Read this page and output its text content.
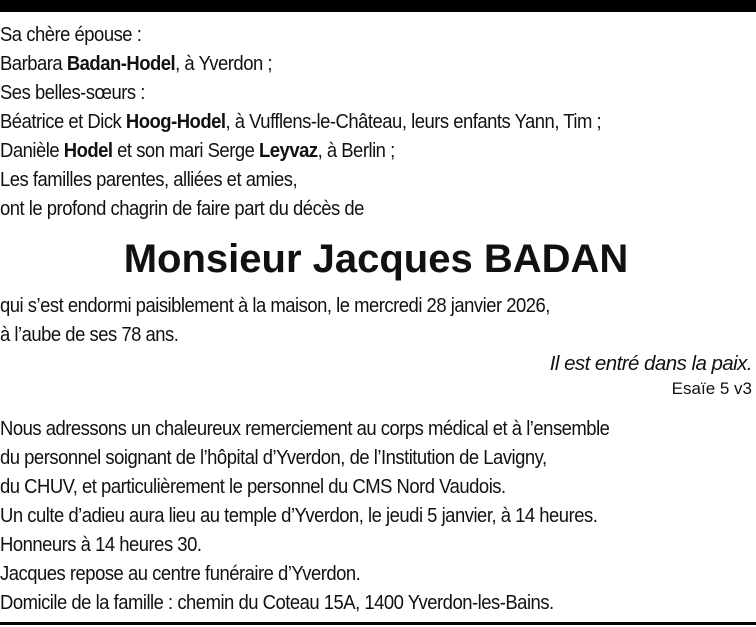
Sa chère épouse :
Barbara Badan-Hodel, à Yverdon ;
Ses belles-sœurs :
Béatrice et Dick Hoog-Hodel, à Vufflens-le-Château, leurs enfants Yann, Tim ;
Danièle Hodel et son mari Serge Leyvaz, à Berlin ;
Les familles parentes, alliées et amies,
ont le profond chagrin de faire part du décès de
Monsieur Jacques BADAN
qui s’est endormi paisiblement à la maison, le mercredi 28 janvier 2026,
à l’aube de ses 78 ans.
Il est entré dans la paix.
Esaïe 5 v3
Nous adressons un chaleureux remerciement au corps médical et à l’ensemble
du personnel soignant de l’hôpital d’Yverdon, de l’Institution de Lavigny,
du CHUV, et particulièrement le personnel du CMS Nord Vaudois.
Un culte d’adieu aura lieu au temple d’Yverdon, le jeudi 5 janvier, à 14 heures.
Honneurs à 14 heures 30.
Jacques repose au centre funéraire d’Yverdon.
Domicile de la famille : chemin du Coteau 15A, 1400 Yverdon-les-Bains.
